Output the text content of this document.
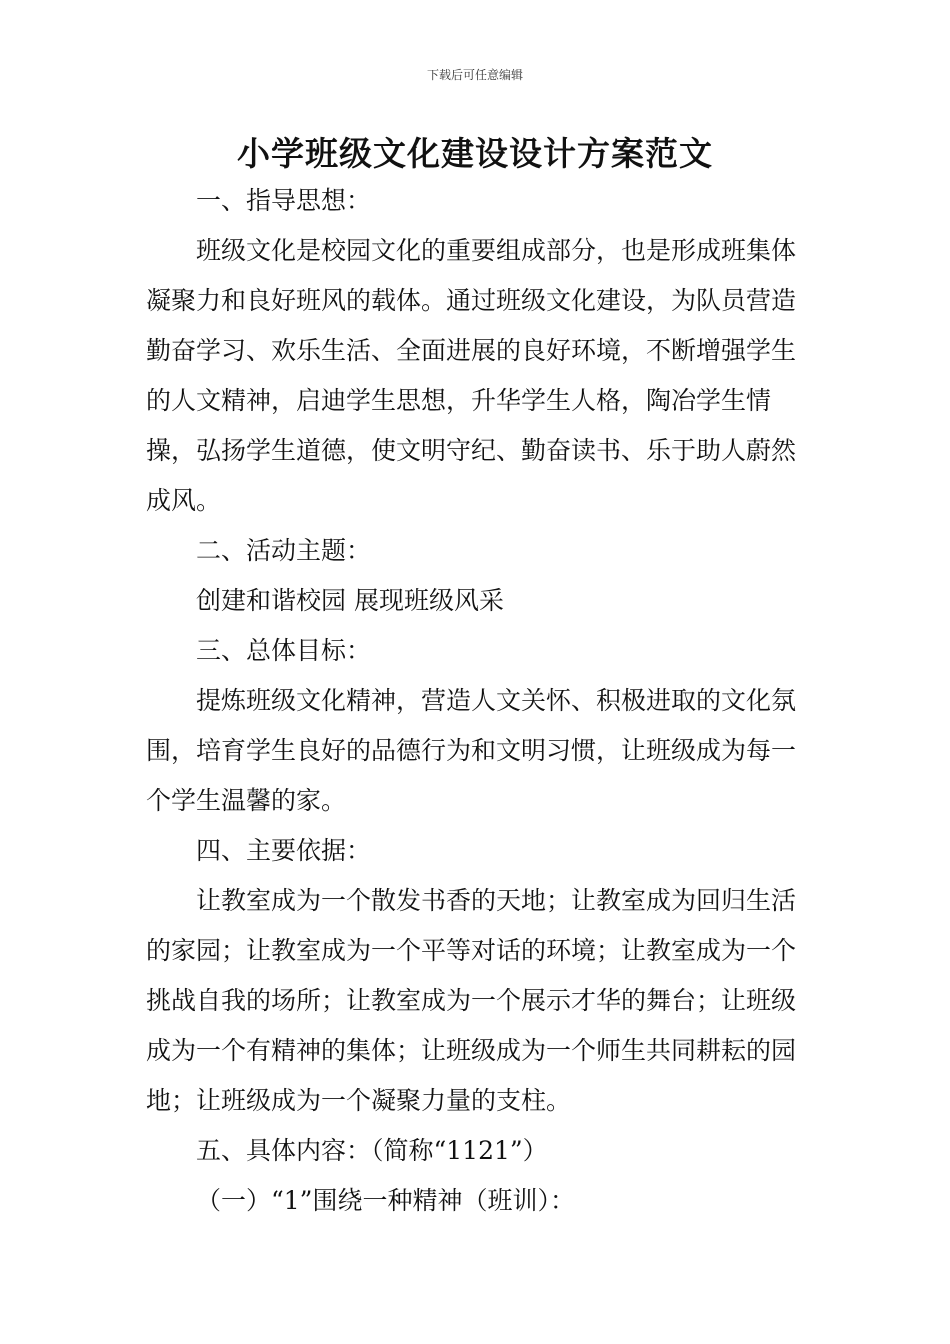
下载后可任意编辑
小学班级文化建设设计方案范文

一、指导思想：

班级文化是校园文化的重要组成部分，也是形成班集体凝聚力和良好班风的载体。通过班级文化建设，为队员营造勤奋学习、欢乐生活、全面进展的良好环境，不断增强学生的人文精神，启迪学生思想，升华学生人格，陶冶学生情操，弘扬学生道德，使文明守纪、勤奋读书、乐于助人蔚然成风。

二、活动主题：

创建和谐校园 展现班级风采

三、总体目标：

提炼班级文化精神，营造人文关怀、积极进取的文化氛围，培育学生良好的品德行为和文明习惯，让班级成为每一个学生温馨的家。

四、主要依据：

让教室成为一个散发书香的天地；让教室成为回归生活的家园；让教室成为一个平等对话的环境；让教室成为一个挑战自我的场所；让教室成为一个展示才华的舞台；让班级成为一个有精神的集体；让班级成为一个师生共同耕耘的园地；让班级成为一个凝聚力量的支柱。

五、具体内容：（简称“1121”）

（一）“1”围绕一种精神（班训）：
